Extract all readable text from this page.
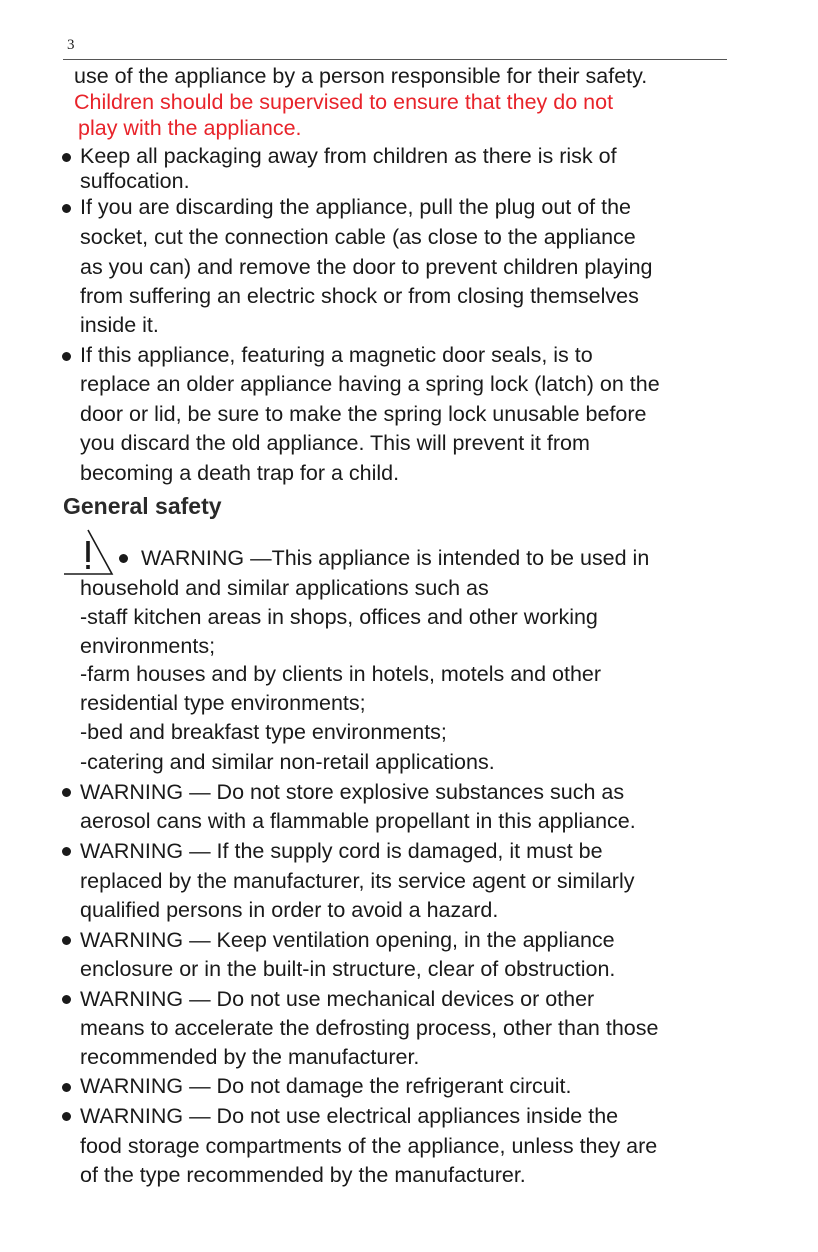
3
use of the appliance by a person responsible for their safety.
Children should be supervised to ensure that they do not
play with the appliance.
Keep all packaging away from children as there is risk of
suffocation.
If you are discarding the appliance, pull the plug out of the
socket, cut the connection cable (as close to the appliance
as you can) and remove the door to prevent children playing
from suffering an electric shock or from closing themselves
inside it.
If this appliance, featuring a magnetic door seals, is to
replace an older appliance having a spring lock (latch) on the
door or lid, be sure to make the spring lock unusable before
you discard the old appliance. This will prevent it from
becoming a death trap for a child.
General safety
WARNING —This appliance is intended to be used in
household and similar applications such as
-staff kitchen areas in shops, offices and other working
environments;
-farm houses and by clients in hotels, motels and other
residential type environments;
-bed and breakfast type environments;
-catering and similar non-retail applications.
WARNING — Do not store explosive substances such as
aerosol cans with a flammable propellant in this appliance.
WARNING — If the supply cord is damaged, it must be
replaced by the manufacturer, its service agent or similarly
qualified persons in order to avoid a hazard.
WARNING — Keep ventilation opening, in the appliance
enclosure or in the built-in structure, clear of obstruction.
WARNING — Do not use mechanical devices or other
means to accelerate the defrosting process, other than those
recommended by the manufacturer.
WARNING — Do not damage the refrigerant circuit.
WARNING — Do not use electrical appliances inside the
food storage compartments of the appliance, unless they are
of the type recommended by the manufacturer.
